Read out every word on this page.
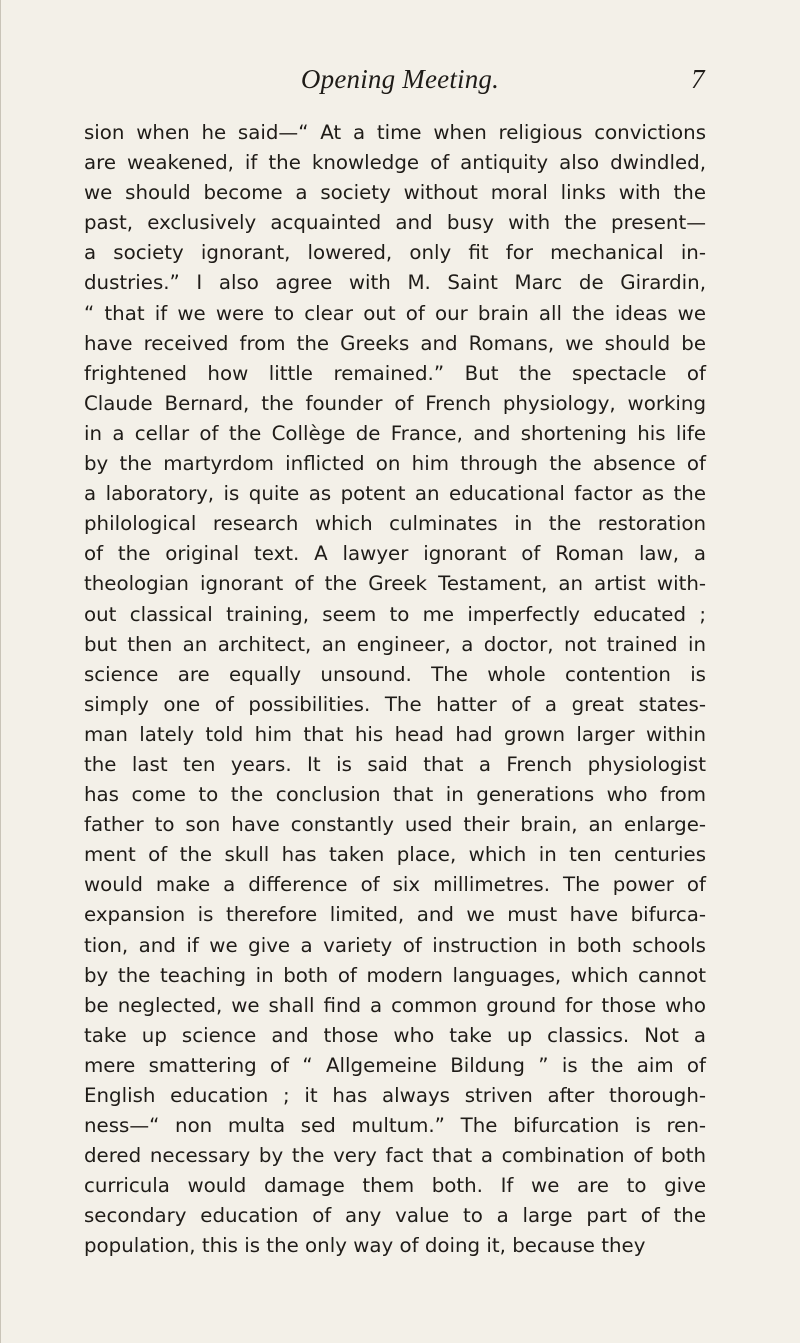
Opening Meeting.	7
sion when he said—“ At a time when religious convictions
are weakened, if the knowledge of antiquity also dwindled,
we should become a society without moral links with the
past, exclusively acquainted and busy with the present—
a society ignorant, lowered, only fit for mechanical in-
dustries.” I also agree with M. Saint Marc de Girardin,
“ that if we were to clear out of our brain all the ideas we
have received from the Greeks and Romans, we should be
frightened how little remained.” But the spectacle of
Claude Bernard, the founder of French physiology, working
in a cellar of the Collège de France, and shortening his life
by the martyrdom inflicted on him through the absence of
a laboratory, is quite as potent an educational factor as the
philological research which culminates in the restoration
of the original text. A lawyer ignorant of Roman law, a
theologian ignorant of the Greek Testament, an artist with-
out classical training, seem to me imperfectly educated ;
but then an architect, an engineer, a doctor, not trained in
science are equally unsound. The whole contention is
simply one of possibilities. The hatter of a great states-
man lately told him that his head had grown larger within
the last ten years. It is said that a French physiologist
has come to the conclusion that in generations who from
father to son have constantly used their brain, an enlarge-
ment of the skull has taken place, which in ten centuries
would make a difference of six millimetres. The power of
expansion is therefore limited, and we must have bifurca-
tion, and if we give a variety of instruction in both schools
by the teaching in both of modern languages, which cannot
be neglected, we shall find a common ground for those who
take up science and those who take up classics. Not a
mere smattering of “ Allgemeine Bildung ” is the aim of
English education ; it has always striven after thorough-
ness—“ non multa sed multum.” The bifurcation is ren-
dered necessary by the very fact that a combination of both
curricula would damage them both. If we are to give
secondary education of any value to a large part of the
population, this is the only way of doing it, because they
